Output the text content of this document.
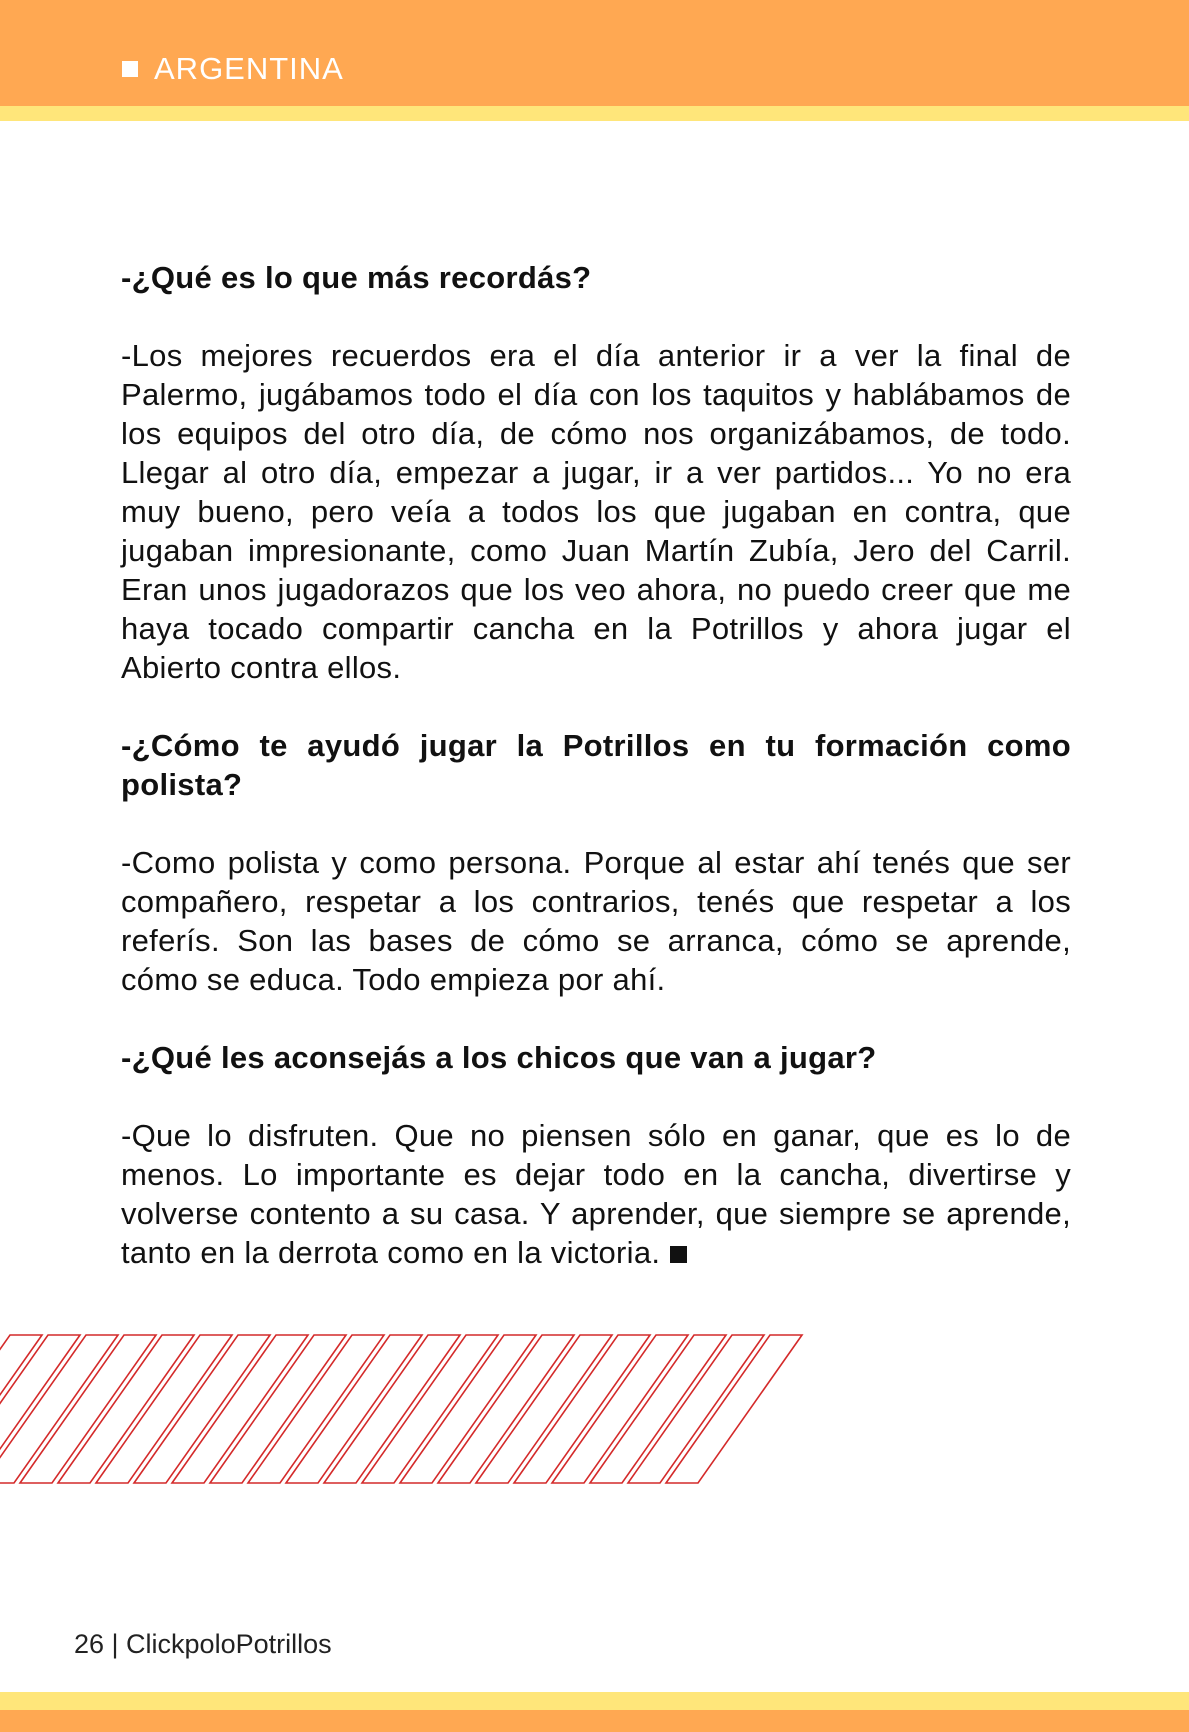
ARGENTINA

-¿Qué es lo que más recordás?

-Los mejores recuerdos era el día anterior ir a ver la final de Palermo, jugábamos todo el día con los taquitos y hablábamos de los equipos del otro día, de cómo nos organizábamos, de todo. Llegar al otro día, empezar a jugar, ir a ver partidos... Yo no era muy bueno, pero veía a todos los que jugaban en contra, que jugaban impresionante, como Juan Martín Zubía, Jero del Carril. Eran unos jugadorazos que los veo ahora, no puedo creer que me haya tocado compartir cancha en la Potrillos y ahora jugar el Abierto contra ellos.

-¿Cómo te ayudó jugar la Potrillos en tu formación como polista?

-Como polista y como persona. Porque al estar ahí tenés que ser compañero, respetar a los contrarios, tenés que respetar a los referís. Son las bases de cómo se arranca, cómo se aprende, cómo se educa. Todo empieza por ahí.

-¿Qué les aconsejás a los chicos que van a jugar?

-Que lo disfruten. Que no piensen sólo en ganar, que es lo de menos. Lo importante es dejar todo en la cancha, divertirse y volverse contento a su casa. Y aprender, que siempre se aprende, tanto en la derrota como en la victoria.

26 | ClickpoloPotrillos
